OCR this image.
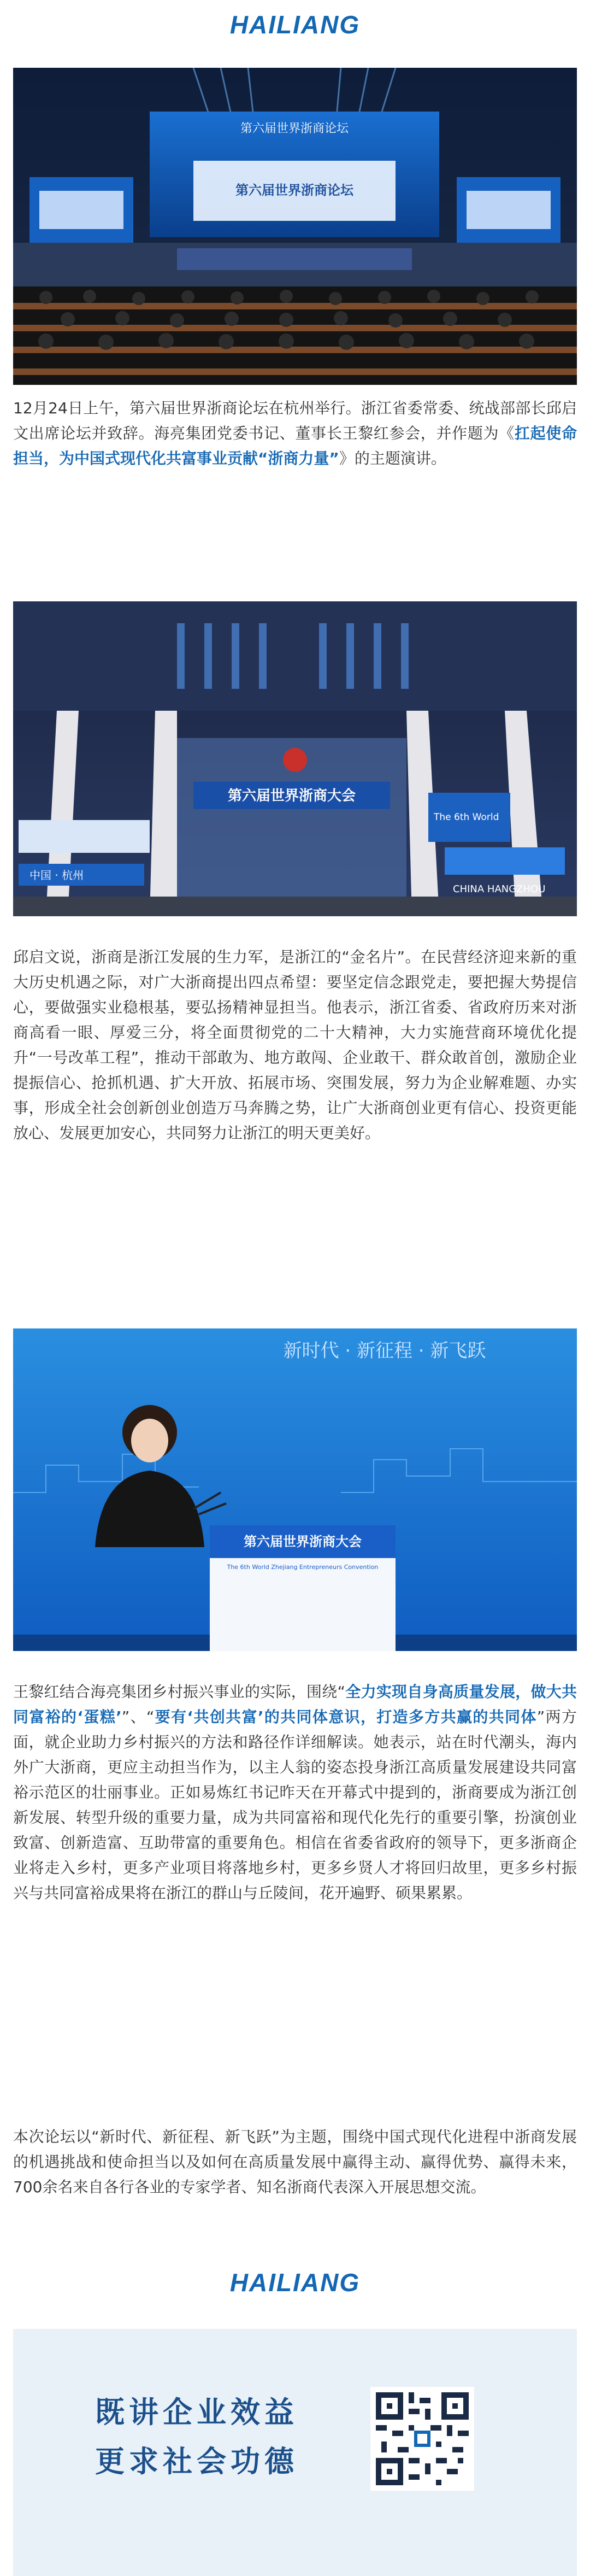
HAILIANG
第六届世界浙商论坛
第六届世界浙商论坛
12月24日上午，第六届世界浙商论坛在杭州举行。浙江省委常委、统战部部长邱启文出席论坛并致辞。海亮集团党委书记、董事长王黎红参会，并作题为《扛起使命担当，为中国式现代化共富事业贡献“浙商力量”》的主题演讲。
第六届世界浙商大会
中国 · 杭州
The 6th World
CHINA HANGZHOU
邱启文说，浙商是浙江发展的生力军，是浙江的“金名片”。在民营经济迎来新的重大历史机遇之际，对广大浙商提出四点希望：要坚定信念跟党走，要把握大势提信心，要做强实业稳根基，要弘扬精神显担当。他表示，浙江省委、省政府历来对浙商高看一眼、厚爱三分，将全面贯彻党的二十大精神，大力实施营商环境优化提升“一号改革工程”，推动干部敢为、地方敢闯、企业敢干、群众敢首创，激励企业提振信心、抢抓机遇、扩大开放、拓展市场、突围发展，努力为企业解难题、办实事，形成全社会创新创业创造万马奔腾之势，让广大浙商创业更有信心、投资更能放心、发展更加安心，共同努力让浙江的明天更美好。
新时代 · 新征程 · 新飞跃
第六届世界浙商大会
The 6th World Zhejiang Entrepreneurs Convention
王黎红结合海亮集团乡村振兴事业的实际，围绕“全力实现自身高质量发展，做大共同富裕的‘蛋糕’”、“要有‘共创共富’的共同体意识，打造多方共赢的共同体”两方面，就企业助力乡村振兴的方法和路径作详细解读。她表示，站在时代潮头，海内外广大浙商，更应主动担当作为，以主人翁的姿态投身浙江高质量发展建设共同富裕示范区的壮丽事业。正如易炼红书记昨天在开幕式中提到的，浙商要成为浙江创新发展、转型升级的重要力量，成为共同富裕和现代化先行的重要引擎，扮演创业致富、创新造富、互助带富的重要角色。相信在省委省政府的领导下，更多浙商企业将走入乡村，更多产业项目将落地乡村，更多乡贤人才将回归故里，更多乡村振兴与共同富裕成果将在浙江的群山与丘陵间，花开遍野、硕果累累。
本次论坛以“新时代、新征程、新飞跃”为主题，围绕中国式现代化进程中浙商发展的机遇挑战和使命担当以及如何在高质量发展中赢得主动、赢得优势、赢得未来，700余名来自各行各业的专家学者、知名浙商代表深入开展思想交流。
HAILIANG
既讲企业效益
更求社会功德
